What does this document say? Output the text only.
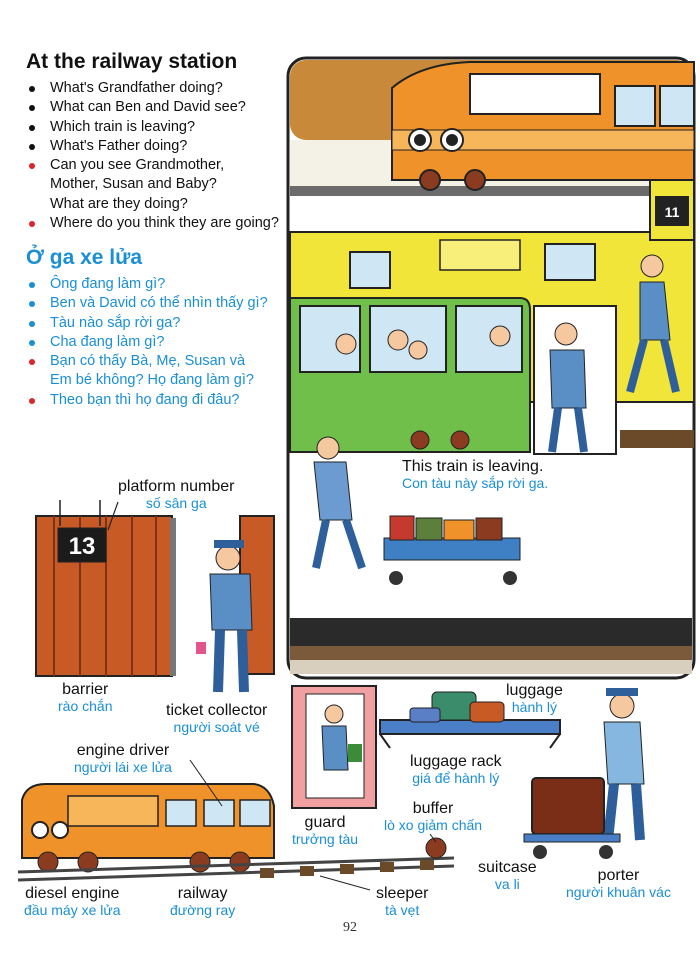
At the railway station
What's Grandfather doing?
What can Ben and David see?
Which train is leaving?
What's Father doing?
Can you see Grandmother,
Mother, Susan and Baby?
What are they doing?
Where do you think they are going?
Ở ga xe lửa
Ông đang làm gì?
Ben và David có thể nhìn thấy gì?
Tàu nào sắp rời ga?
Cha đang làm gì?
Bạn có thấy Bà, Mẹ, Susan và
Em bé không? Họ đang làm gì?
Theo bạn thì họ đang đi đâu?
11
13
This train is leaving.
Con tàu này sắp rời ga.
platform number
số sân ga
barrier
rào chắn	ticket collector
người soát vé
luggage
hành lý
engine driver
người lái xe lửa	luggage rack
giá để hành lý
guard
trưởng tàu
buffer
lò xo giảm chấn
suitcase
va li	porter
người khuân vác
diesel engine
đầu máy xe lửa
railway
đường ray
sleeper
tà vẹt
92
